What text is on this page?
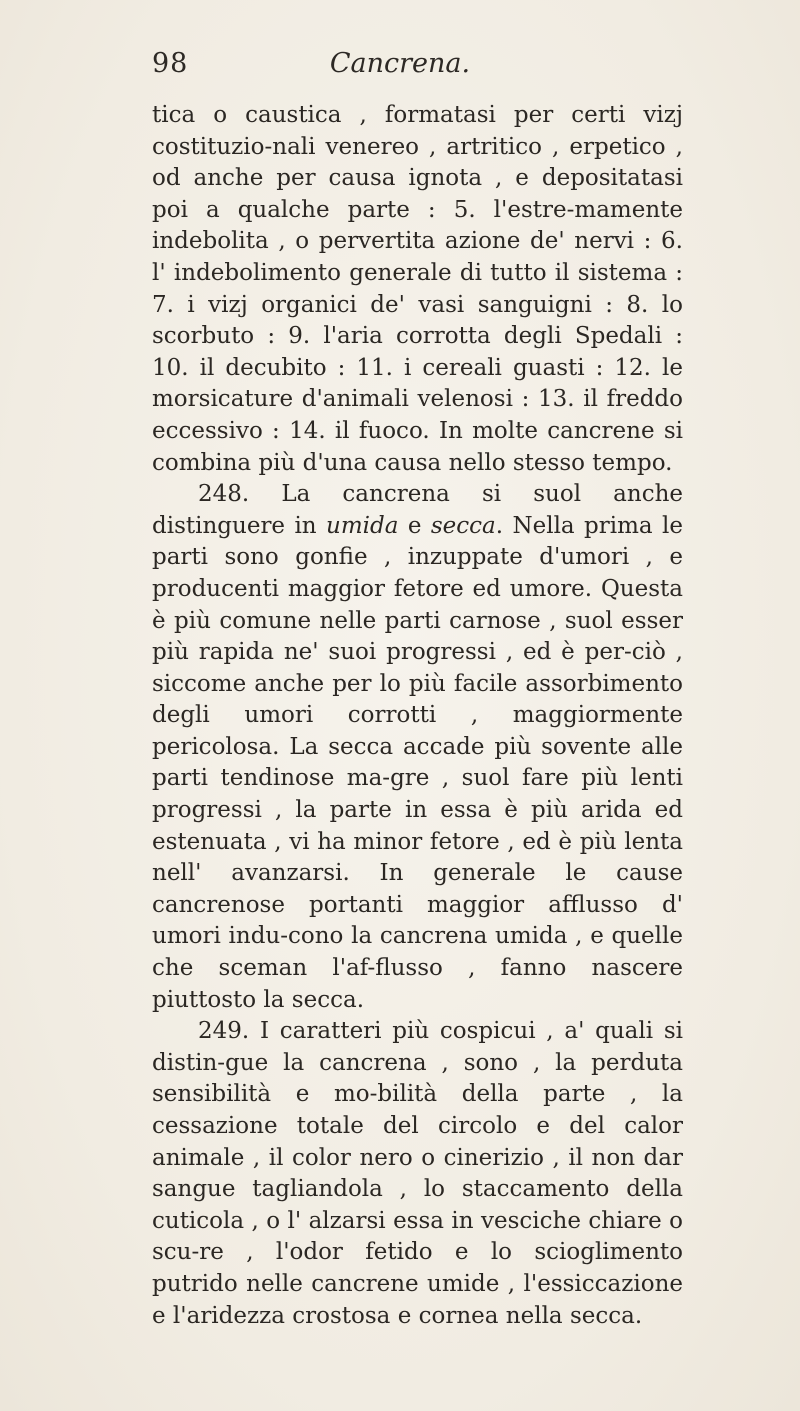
98	Cancrena.

tica o caustica , formatasi per certi vizj costituzio-nali venereo , artritico , erpetico , od anche per causa ignota , e depositatasi poi a qualche parte : 5. l'estre-mamente indebolita , o pervertita azione de' nervi : 6. l' indebolimento generale di tutto il sistema : 7. i vizj organici de' vasi sanguigni : 8. lo scorbuto : 9. l'aria corrotta degli Spedali : 10. il decubito : 11. i cereali guasti : 12. le morsicature d'animali velenosi : 13. il freddo eccessivo : 14. il fuoco. In molte cancrene si combina più d'una causa nello stesso tempo.

248. La cancrena si suol anche distinguere in umida e secca. Nella prima le parti sono gonfie , inzuppate d'umori , e producenti maggior fetore ed umore. Questa è più comune nelle parti carnose , suol esser più rapida ne' suoi progressi , ed è per-ciò , siccome anche per lo più facile assorbimento degli umori corrotti , maggiormente pericolosa. La secca accade più sovente alle parti tendinose ma-gre , suol fare più lenti progressi , la parte in essa è più arida ed estenuata , vi ha minor fetore , ed è più lenta nell' avanzarsi. In generale le cause cancrenose portanti maggior afflusso d' umori indu-cono la cancrena umida , e quelle che sceman l'af-flusso , fanno nascere piuttosto la secca.

249. I caratteri più cospicui , a' quali si distin-gue la cancrena , sono , la perduta sensibilità e mo-bilità della parte , la cessazione totale del circolo e del calor animale , il color nero o cinerizio , il non dar sangue tagliandola , lo staccamento della cuticola , o l' alzarsi essa in vesciche chiare o scu-re , l'odor fetido e lo scioglimento putrido nelle cancrene umide , l'essiccazione e l'aridezza crostosa e cornea nella secca.
